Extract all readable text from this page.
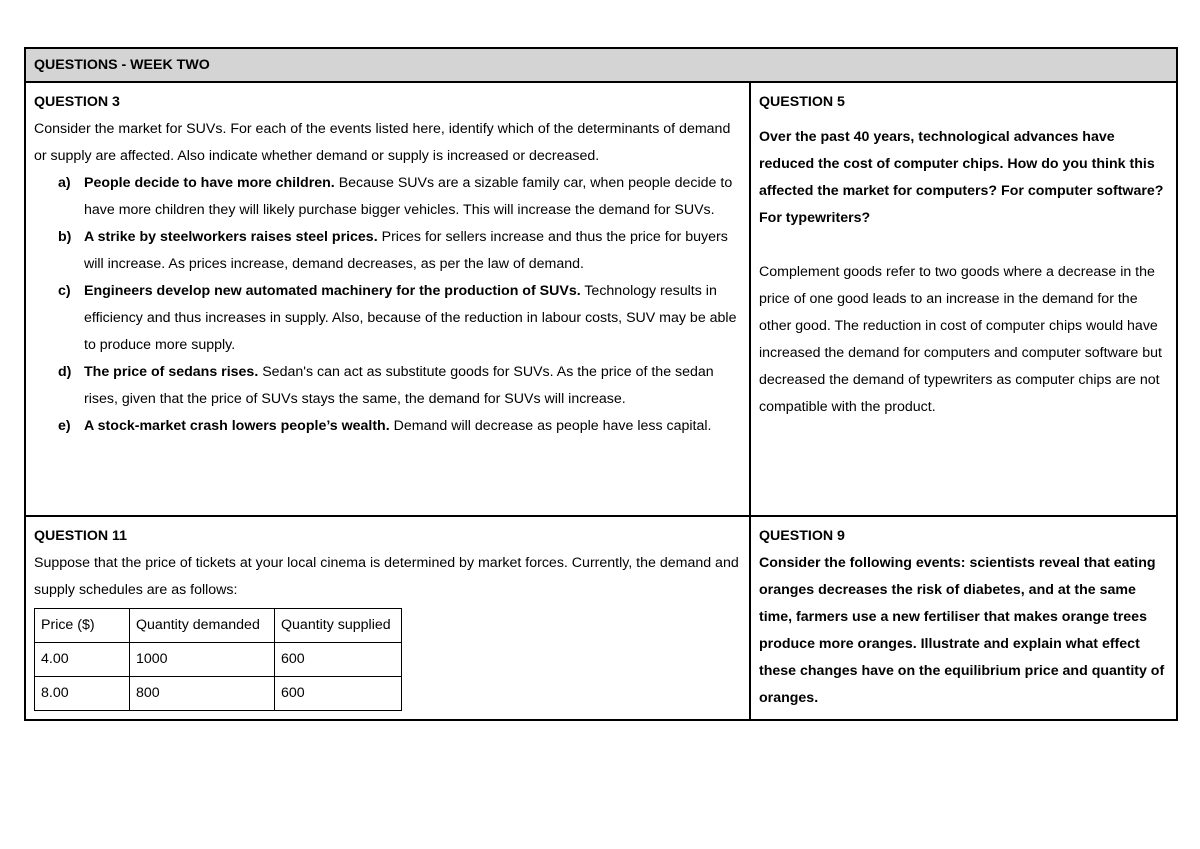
QUESTIONS - WEEK TWO

QUESTION 3
Consider the market for SUVs. For each of the events listed here, identify which of the determinants of demand or supply are affected. Also indicate whether demand or supply is increased or decreased.
a) People decide to have more children. Because SUVs are a sizable family car, when people decide to have more children they will likely purchase bigger vehicles. This will increase the demand for SUVs.
b) A strike by steelworkers raises steel prices. Prices for sellers increase and thus the price for buyers will increase. As prices increase, demand decreases, as per the law of demand.
c) Engineers develop new automated machinery for the production of SUVs. Technology results in efficiency and thus increases in supply. Also, because of the reduction in labour costs, SUV may be able to produce more supply.
d) The price of sedans rises. Sedan's can act as substitute goods for SUVs. As the price of the sedan rises, given that the price of SUVs stays the same, the demand for SUVs will increase.
e) A stock-market crash lowers people’s wealth. Demand will decrease as people have less capital.

QUESTION 5
Over the past 40 years, technological advances have reduced the cost of computer chips. How do you think this affected the market for computers? For computer software? For typewriters?
Complement goods refer to two goods where a decrease in the price of one good leads to an increase in the demand for the other good. The reduction in cost of computer chips would have increased the demand for computers and computer software but decreased the demand of typewriters as computer chips are not compatible with the product.

QUESTION 11
Suppose that the price of tickets at your local cinema is determined by market forces. Currently, the demand and supply schedules are as follows:
Price ($)	Quantity demanded	Quantity supplied
4.00	1000	600
8.00	800	600

QUESTION 9
Consider the following events: scientists reveal that eating oranges decreases the risk of diabetes, and at the same time, farmers use a new fertiliser that makes orange trees produce more oranges. Illustrate and explain what effect these changes have on the equilibrium price and quantity of oranges.
